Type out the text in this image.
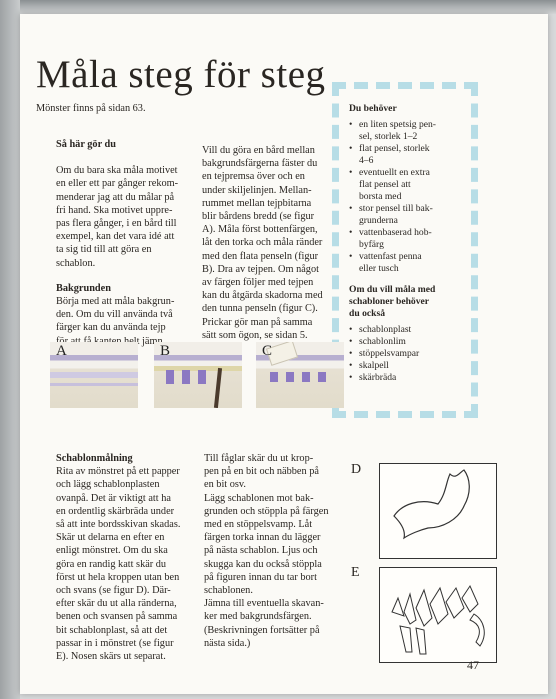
Måla steg för steg
Mönster finns på sidan 63.

Så här gör du

Om du bara ska måla motivet

en eller ett par gånger rekom-

menderar jag att du målar på

fri hand. Ska motivet uppre-

pas flera gånger, i en bård till

exempel, kan det vara idé att

ta sig tid till att göra en

schablon.

Bakgrunden

Börja med att måla bakgrun-

den. Om du vill använda två

färger kan du använda tejp

Vill du göra en bård mellan

bakgrundsfärgerna fäster du

en tejpremsa över och en

under skiljelinjen. Mellan-

rummet mellan tejpbitarna

blir bårdens bredd (se figur

A). Måla först bottenfärgen,

låt den torka och måla ränder

med den flata penseln (figur

B). Dra av tejpen. Om något

av färgen följer med tejpen

kan du åtgärda skadorna med

den tunna penseln (figur C).

Prickar gör man på samma

sätt som ögon, se sidan 5.

Du behöver
• en liten spetsig pen-
sel, storlek 1–2
• flat pensel, storlek
4–6
• eventuellt en extra
flat pensel att
borsta med
• stor pensel till bak-
grunderna
• vattenbaserad hob-
byfärg
• vattenfast penna
eller tusch
Om du vill måla med
schabloner behöver
du också
• schablonplast
• schablonlim
• stöppelsvampar
• skalpell
• skärbräda
A	B	C

Schablonmålning

Rita av mönstret på ett papper

och lägg schablonplasten

ovanpå. Det är viktigt att ha

en ordentlig skärbräda under

så att inte bordsskivan skadas.

Skär ut delarna en efter en

enligt mönstret. Om du ska

göra en randig katt skär du

först ut hela kroppen utan ben

och svans (se figur D). Där-

efter skär du ut alla ränderna,

benen och svansen på samma

bit schablonplast, så att det

passar in i mönstret (se figur

E). Nosen skärs ut separat.

Till fåglar skär du ut krop-

pen på en bit och näbben på

en bit osv.

Lägg schablonen mot bak-

grunden och stöppla på färgen

med en stöppelsvamp. Låt

färgen torka innan du lägger

på nästa schablon. Ljus och

skugga kan du också stöppla

på figuren innan du tar bort

schablonen.

Jämna till eventuella skavan-

ker med bakgrundsfärgen.

(Beskrivningen fortsätter på

nästa sida.)

D
E
47
